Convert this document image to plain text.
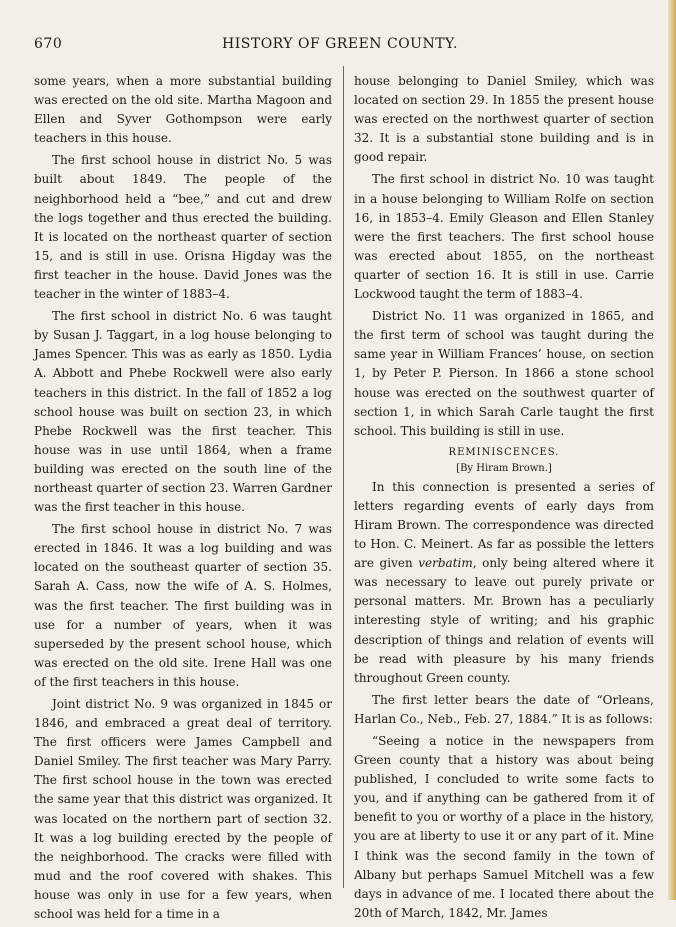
670	HISTORY OF GREEN COUNTY.

some years, when a more substantial building was erected on the old site. Martha Magoon and Ellen and Syver Gothompson were early teachers in this house.

The first school house in district No. 5 was built about 1849. The people of the neighborhood held a “bee,” and cut and drew the logs together and thus erected the building. It is located on the northeast quarter of section 15, and is still in use. Orisna Higday was the first teacher in the house. David Jones was the teacher in the winter of 1883–4.

The first school in district No. 6 was taught by Susan J. Taggart, in a log house belonging to James Spencer. This was as early as 1850. Lydia A. Abbott and Phebe Rockwell were also early teachers in this district. In the fall of 1852 a log school house was built on section 23, in which Phebe Rockwell was the first teacher. This house was in use until 1864, when a frame building was erected on the south line of the northeast quarter of section 23. Warren Gardner was the first teacher in this house.

The first school house in district No. 7 was erected in 1846. It was a log building and was located on the southeast quarter of section 35. Sarah A. Cass, now the wife of A. S. Holmes, was the first teacher. The first building was in use for a number of years, when it was superseded by the present school house, which was erected on the old site. Irene Hall was one of the first teachers in this house.

Joint district No. 9 was organized in 1845 or 1846, and embraced a great deal of territory. The first officers were James Campbell and Daniel Smiley. The first teacher was Mary Parry. The first school house in the town was erected the same year that this district was organized. It was located on the northern part of section 32. It was a log building erected by the people of the neighborhood. The cracks were filled with mud and the roof covered with shakes. This house was only in use for a few years, when school was held for a time in a

house belonging to Daniel Smiley, which was located on section 29. In 1855 the present house was erected on the northwest quarter of section 32. It is a substantial stone building and is in good repair.

The first school in district No. 10 was taught in a house belonging to William Rolfe on section 16, in 1853–4. Emily Gleason and Ellen Stanley were the first teachers. The first school house was erected about 1855, on the northeast quarter of section 16. It is still in use. Carrie Lockwood taught the term of 1883–4.

District No. 11 was organized in 1865, and the first term of school was taught during the same year in William Frances’ house, on section 1, by Peter P. Pierson. In 1866 a stone school house was erected on the southwest quarter of section 1, in which Sarah Carle taught the first school. This building is still in use.

REMINISCENCES.
[By Hiram Brown.]

In this connection is presented a series of letters regarding events of early days from Hiram Brown. The correspondence was directed to Hon. C. Meinert. As far as possible the letters are given verbatim, only being altered where it was necessary to leave out purely private or personal matters. Mr. Brown has a peculiarly interesting style of writing; and his graphic description of things and relation of events will be read with pleasure by his many friends throughout Green county.

The first letter bears the date of “Orleans, Harlan Co., Neb., Feb. 27, 1884.” It is as follows:

“Seeing a notice in the newspapers from Green county that a history was about being published, I concluded to write some facts to you, and if anything can be gathered from it of benefit to you or worthy of a place in the history, you are at liberty to use it or any part of it. Mine I think was the second family in the town of Albany but perhaps Samuel Mitchell was a few days in advance of me. I located there about the 20th of March, 1842, Mr. James
